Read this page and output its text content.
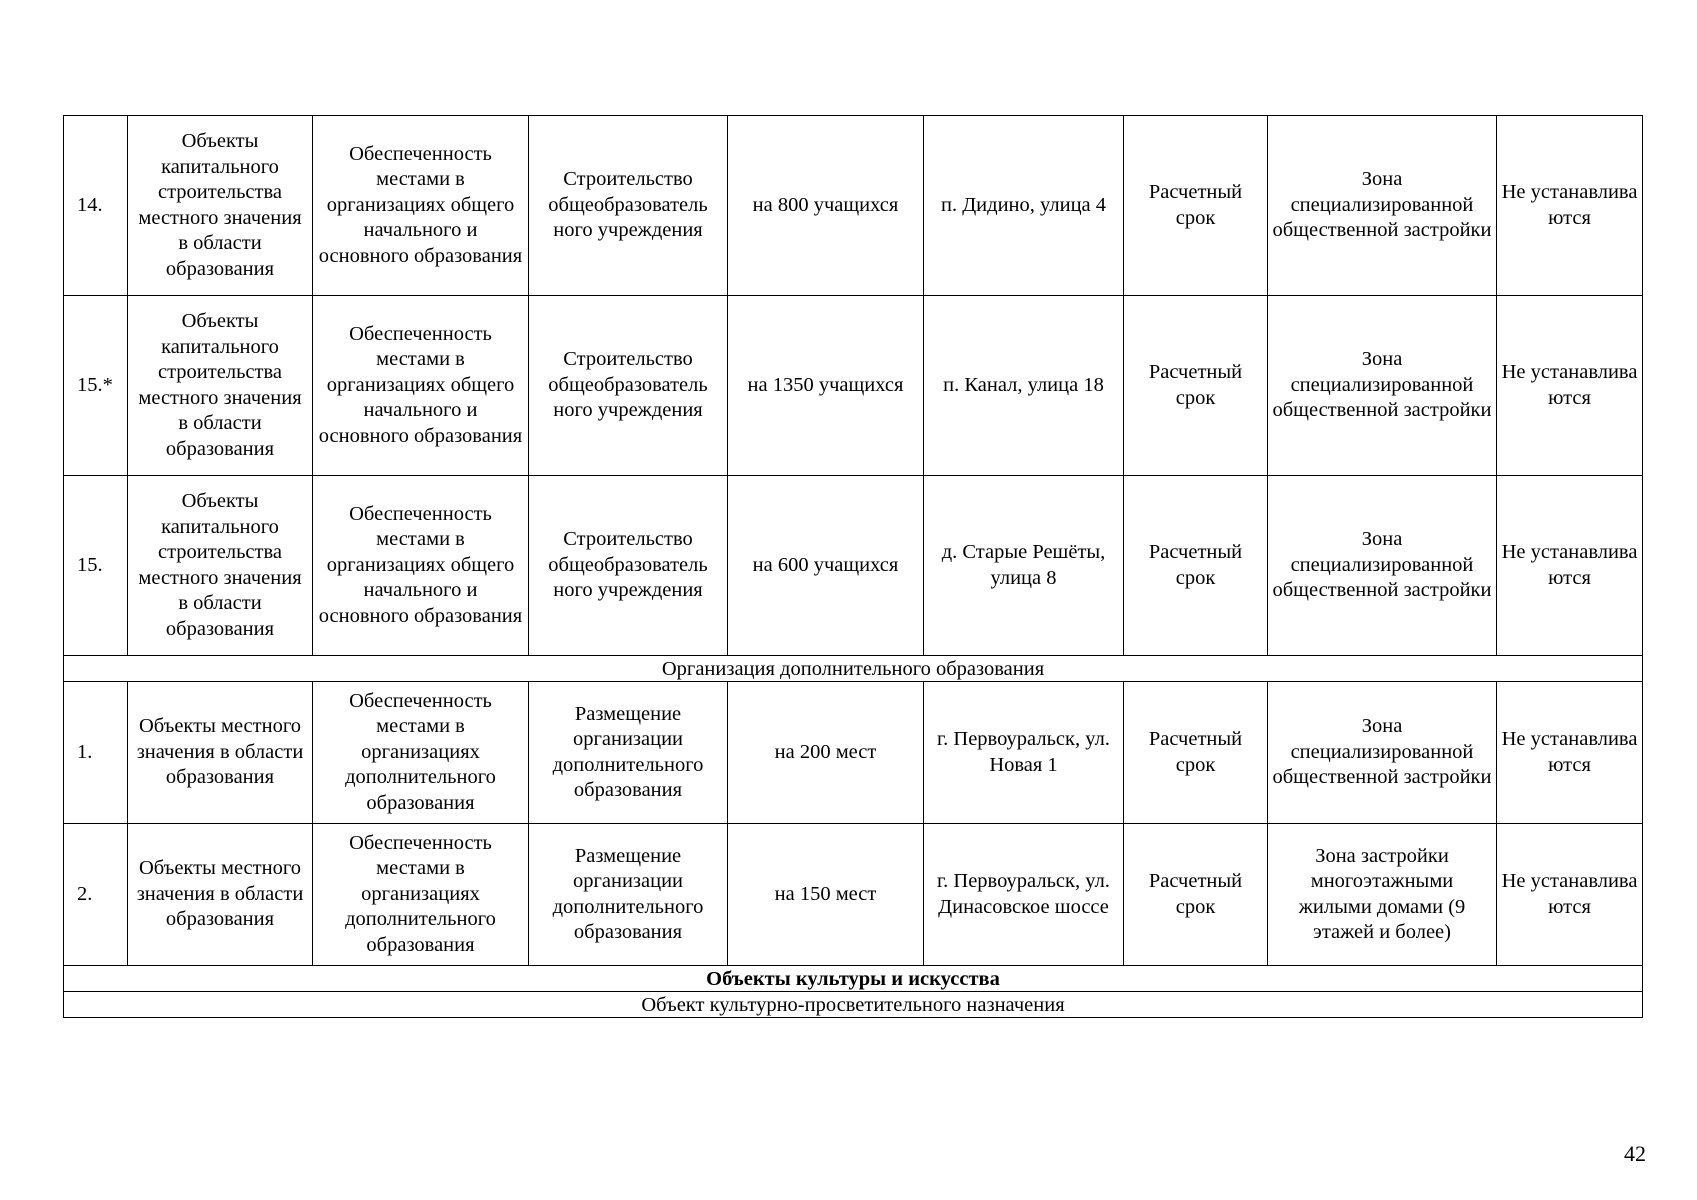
14.	Объекты капитального строительства местного значения в области образования	Обеспеченность местами в организациях общего начального и основного образования	Строительство общеобразователь ного учреждения	на 800 учащихся	п. Дидино, улица 4	Расчетный срок	Зона специализированной общественной застройки	Не устанавлива ются
15.*	Объекты капитального строительства местного значения в области образования	Обеспеченность местами в организациях общего начального и основного образования	Строительство общеобразователь ного учреждения	на 1350 учащихся	п. Канал, улица 18	Расчетный срок	Зона специализированной общественной застройки	Не устанавлива ются
15.	Объекты капитального строительства местного значения в области образования	Обеспеченность местами в организациях общего начального и основного образования	Строительство общеобразователь ного учреждения	на 600 учащихся	д. Старые Решёты, улица 8	Расчетный срок	Зона специализированной общественной застройки	Не устанавлива ются
Организация дополнительного образования								
1.	Объекты местного значения в области образования	Обеспеченность местами в организациях дополнительного образования	Размещение организации дополнительного образования	на 200 мест	г. Первоуральск, ул. Новая 1	Расчетный срок	Зона специализированной общественной застройки	Не устанавлива ются
2.	Объекты местного значения в области образования	Обеспеченность местами в организациях дополнительного образования	Размещение организации дополнительного образования	на 150 мест	г. Первоуральск, ул. Динасовское шоссе	Расчетный срок	Зона застройки многоэтажными жилыми домами (9 этажей и более)	Не устанавлива ются
Объекты культуры и искусства								
Объект культурно-просветительного назначения								
42
